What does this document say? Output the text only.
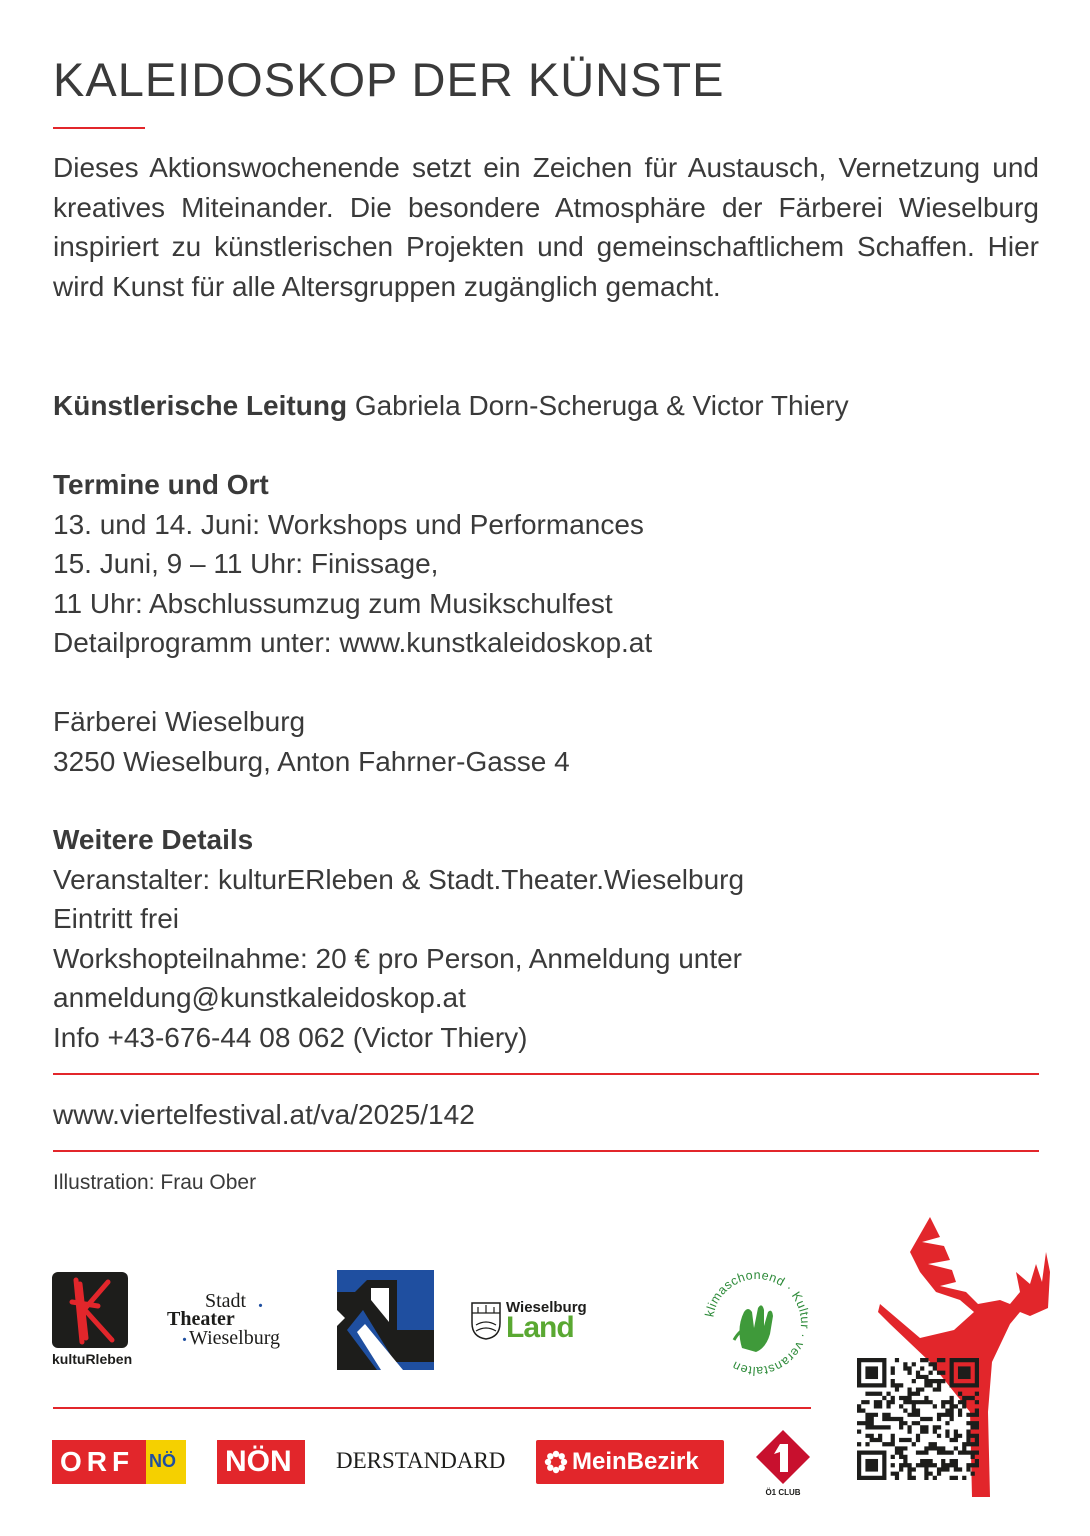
KALEIDOSKOP DER KÜNSTE

Dieses Aktionswochenende setzt ein Zeichen für Austausch, Vernetzung und kreatives Miteinander. Die besondere Atmosphäre der Färberei Wieselburg inspiriert zu künstlerischen Projekten und gemeinschaftlichem Schaffen. Hier wird Kunst für alle Altersgruppen zugänglich gemacht.

Künstlerische Leitung Gabriela Dorn-Scheruga & Victor Thiery

Termine und Ort

13. und 14. Juni: Workshops und Performances

15. Juni, 9 – 11 Uhr: Finissage,

11 Uhr: Abschlussumzug zum Musikschulfest

Detailprogramm unter: www.kunstkaleidoskop.at

Färberei Wieselburg

3250 Wieselburg, Anton Fahrner-Gasse 4

Weitere Details

Veranstalter: kulturERleben & Stadt.Theater.Wieselburg

Eintritt frei

Workshopteilnahme: 20 € pro Person, Anmeldung unter

anmeldung@kunstkaleidoskop.at

Info +43-676-44 08 062 (Victor Thiery)

www.viertelfestival.at/va/2025/142
Illustration: Frau Ober
kultuRleben
Stadt .
Theater
. Wieselburg
Wieselburg
Land	klimaschonend · Kultur · veranstalten
ORF NÖ NÖN DERSTANDARD	MeinBezirk
Ö1 CLUB
